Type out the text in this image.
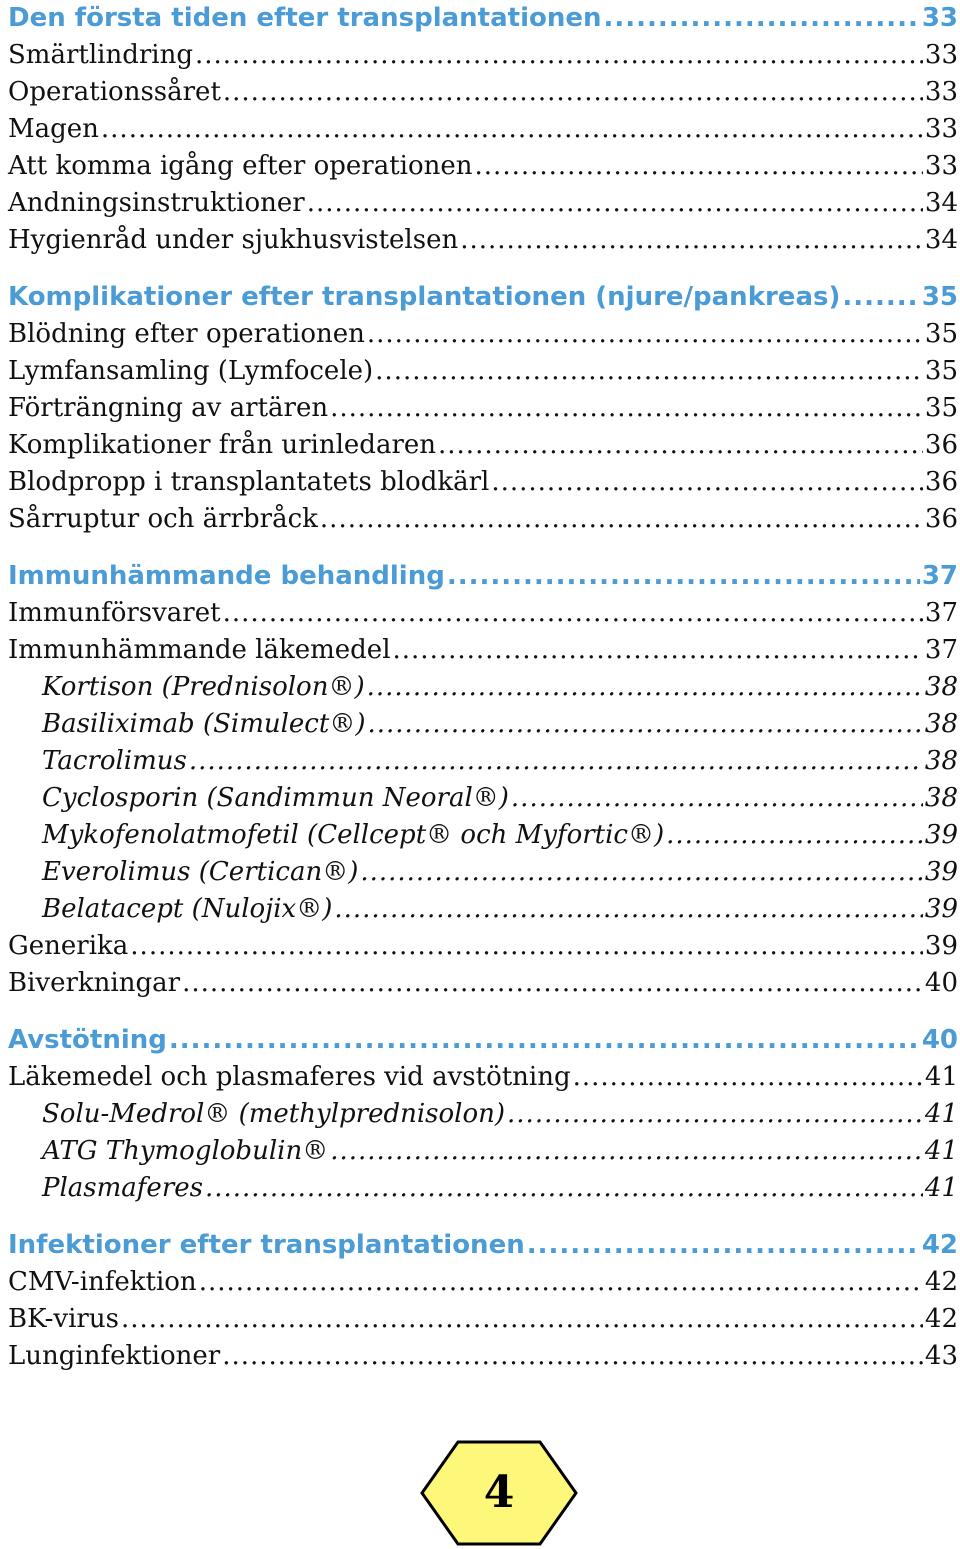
Den första tiden efter transplantationen .....	33
Smärtlindring .....	33
Operationssåret .....	33
Magen .....	33
Att komma igång efter operationen .....	33
Andningsinstruktioner .....	34
Hygienråd under sjukhusvistelsen .....	34
Komplikationer efter transplantationen (njure/pankreas) .....	35
Blödning efter operationen .....	35
Lymfansamling (Lymfocele) .....	35
Förträngning av artären .....	35
Komplikationer från urinledaren .....	36
Blodpropp i transplantatets blodkärl .....	36
Sårruptur och ärrbråck .....	36
Immunhämmande behandling .....	37
Immunförsvaret .....	37
Immunhämmande läkemedel .....	37
Kortison (Prednisolon®) .....	38
Basiliximab (Simulect®) .....	38
Tacrolimus .....	38
Cyclosporin (Sandimmun Neoral®) .....	38
Mykofenolatmofetil (Cellcept® och Myfortic®) .....	39
Everolimus (Certican®) .....	39
Belatacept (Nulojix®) .....	39
Generika .....	39
Biverkningar .....	40
Avstötning .....	40
Läkemedel och plasmaferes vid avstötning .....	41
Solu-Medrol® (methylprednisolon) .....	41
ATG Thymoglobulin® .....	41
Plasmaferes .....	41
Infektioner efter transplantationen .....	42
CMV-infektion .....	42
BK-virus .....	42
Lunginfektioner .....	43
4
